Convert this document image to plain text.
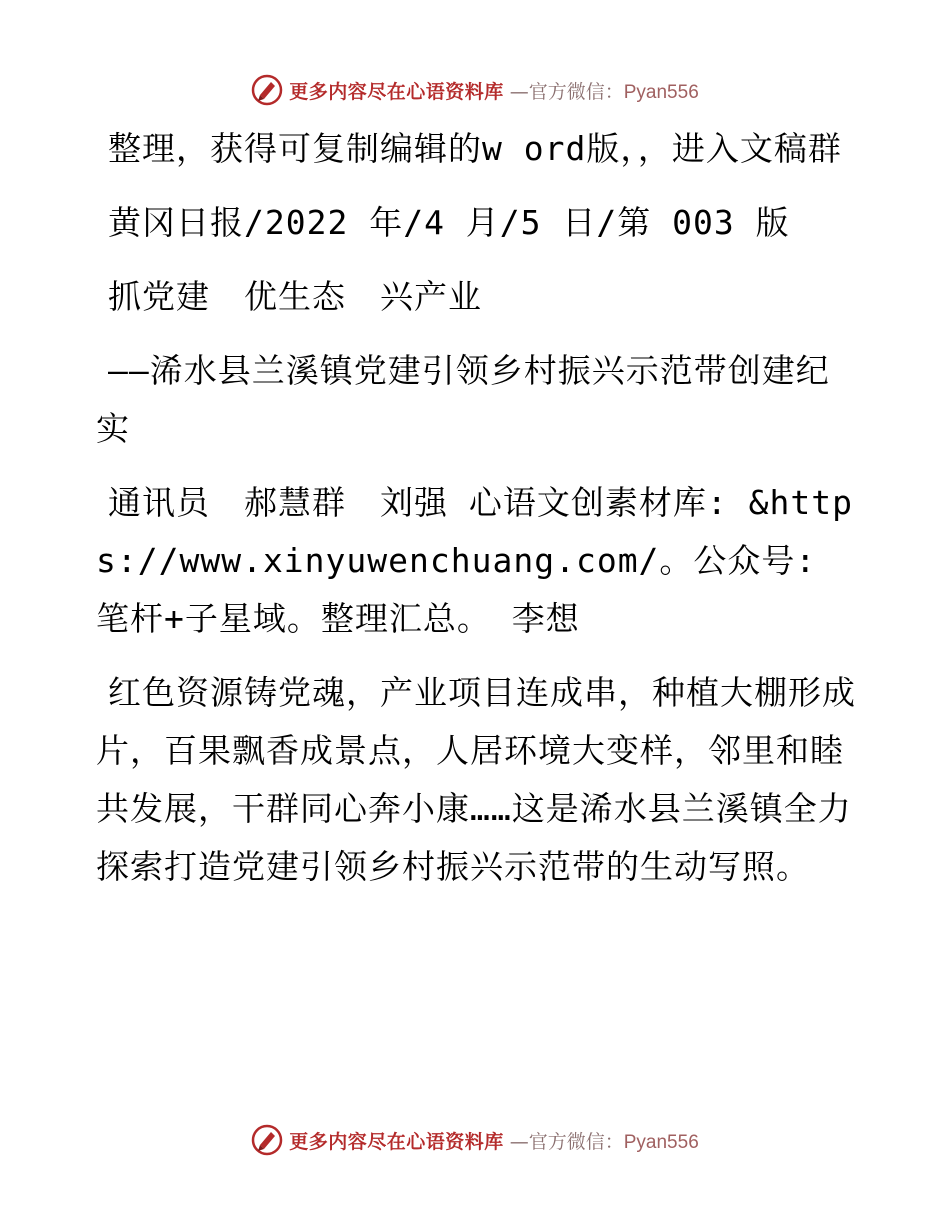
更多内容尽在心语资料库 —官方微信：Pyan556

整理，获得可复制编辑的w ord版，，进入文稿群

黄冈日报/2022 年/4 月/5 日/第 003 版

抓党建　优生态　兴产业

——浠水县兰溪镇党建引领乡村振兴示范带创建纪实

通讯员　郝慧群　刘强 心语文创素材库: &https://www.xinyuwenchuang.com/。公众号: 笔杆+子星域。整理汇总。 李想

红色资源铸党魂，产业项目连成串，种植大棚形成片，百果飘香成景点，人居环境大变样，邻里和睦共发展，干群同心奔小康……这是浠水县兰溪镇全力探索打造党建引领乡村振兴示范带的生动写照。

更多内容尽在心语资料库 —官方微信：Pyan556
